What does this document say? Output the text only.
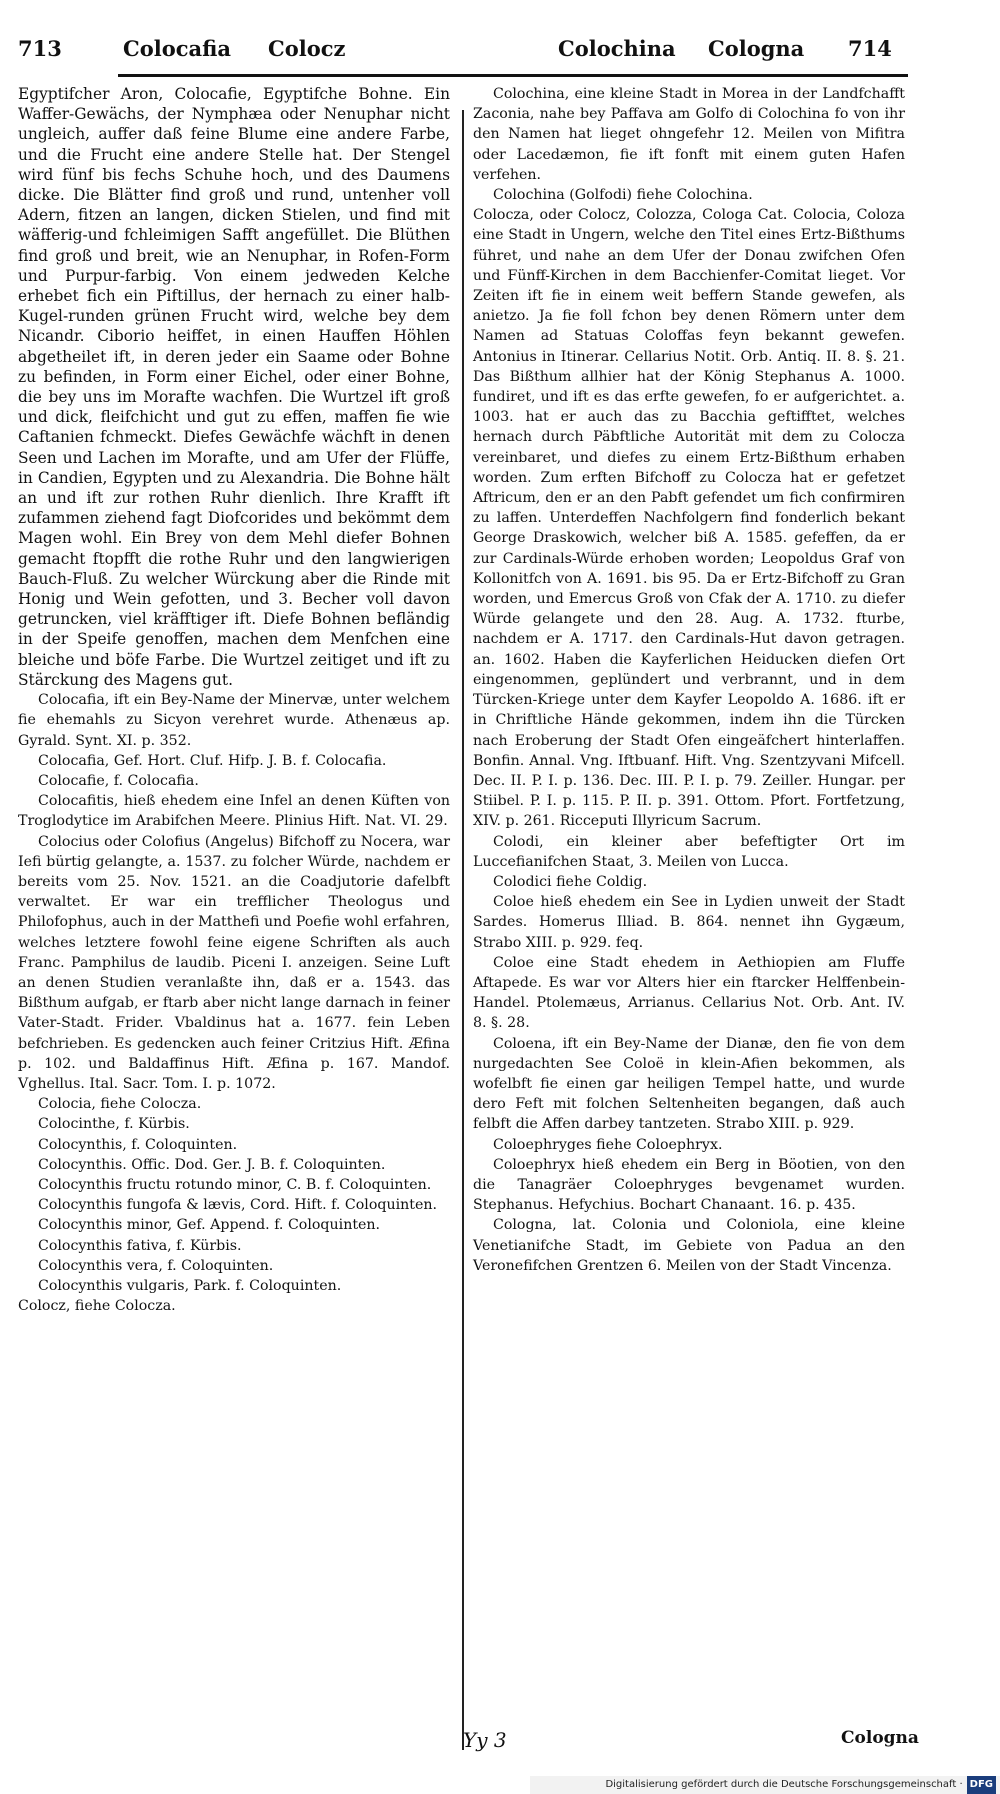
713	Colocafia Colocz	Colochina Cologna 714

Egyptifcher Aron, Colocafie, Egyptifche Bohne. Ein Waffer-Gewächs, der Nymphæa oder Nenuphar nicht ungleich, auffer daß feine Blume eine andere Farbe, und die Frucht eine andere Stelle hat. Der Stengel wird fünf bis fechs Schuhe hoch, und des Daumens dicke. Die Blätter find groß und rund, untenher voll Adern, fitzen an langen, dicken Stielen, und find mit wäfferig-und fchleimigen Safft angefüllet. Die Blüthen find groß und breit, wie an Nenuphar, in Rofen-Form und Purpur-farbig. Von einem jedweden Kelche erhebet fich ein Piftillus, der hernach zu einer halb-Kugel-runden grünen Frucht wird, welche bey dem Nicandr. Ciborio heiffet, in einen Hauffen Höhlen abgetheilet ift, in deren jeder ein Saame oder Bohne zu befinden, in Form einer Eichel, oder einer Bohne, die bey uns im Morafte wachfen. Die Wurtzel ift groß und dick, fleifchicht und gut zu effen, maffen fie wie Caftanien fchmeckt. Diefes Gewächfe wächft in denen Seen und Lachen im Morafte, und am Ufer der Flüffe, in Candien, Egypten und zu Alexandria. Die Bohne hält an und ift zur rothen Ruhr dienlich. Ihre Krafft ift zufammen ziehend fagt Diofcorides und bekömmt dem Magen wohl. Ein Brey von dem Mehl diefer Bohnen gemacht ftopfft die rothe Ruhr und den langwierigen Bauch-Fluß. Zu welcher Würckung aber die Rinde mit Honig und Wein gefotten, und 3. Becher voll davon getruncken, viel kräfftiger ift. Diefe Bohnen befländig in der Speife genoffen, machen dem Menfchen eine bleiche und böfe Farbe. Die Wurtzel zeitiget und ift zu Stärckung des Magens gut.

Colocafia, ift ein Bey-Name der Minervæ, unter welchem fie ehemahls zu Sicyon verehret wurde. Athenæus ap. Gyrald. Synt. XI. p. 352.

Colocafia, Gef. Hort. Cluf. Hifp. J. B. f. Colocafia.

Colocafie, f. Colocafia.

Colocafitis, hieß ehedem eine Infel an denen Küften von Troglodytice im Arabifchen Meere. Plinius Hift. Nat. VI. 29.

Colocius oder Colofius (Angelus) Bifchoff zu Nocera, war Iefi bürtig gelangte, a. 1537. zu folcher Würde, nachdem er bereits vom 25. Nov. 1521. an die Coadjutorie dafelbft verwaltet. Er war ein trefflicher Theologus und Philofophus, auch in der Matthefi und Poefie wohl erfahren, welches letztere fowohl feine eigene Schriften als auch Franc. Pamphilus de laudib. Piceni I. anzeigen. Seine Luft an denen Studien veranlaßte ihn, daß er a. 1543. das Bißthum aufgab, er ftarb aber nicht lange darnach in feiner Vater-Stadt. Frider. Vbaldinus hat a. 1677. fein Leben befchrieben. Es gedencken auch feiner Critzius Hift. Æfina p. 102. und Baldaffinus Hift. Æfina p. 167. Mandof. Vghellus. Ital. Sacr. Tom. I. p. 1072.

Colocia, fiehe Colocza.

Colocinthe, f. Kürbis.

Colocynthis, f. Coloquinten.

Colocynthis. Offic. Dod. Ger. J. B. f. Coloquinten.

Colocynthis fructu rotundo minor, C. B. f. Coloquinten.

Colocynthis fungofa & lævis, Cord. Hift. f. Coloquinten.

Colocynthis minor, Gef. Append. f. Coloquinten.

Colocynthis fativa, f. Kürbis.

Colocynthis vera, f. Coloquinten.

Colocynthis vulgaris, Park. f. Coloquinten.

Colocz, fiehe Colocza.

Colochina, eine kleine Stadt in Morea in der Landfchafft Zaconia, nahe bey Paffava am Golfo di Colochina fo von ihr den Namen hat lieget ohngefehr 12. Meilen von Mifitra oder Lacedæmon, fie ift fonft mit einem guten Hafen verfehen.

Colochina (Golfodi) fiehe Colochina.

Colocza, oder Colocz, Colozza, Cologa Cat. Colocia, Coloza eine Stadt in Ungern, welche den Titel eines Ertz-Bißthums führet, und nahe an dem Ufer der Donau zwifchen Ofen und Fünff-Kirchen in dem Bacchienfer-Comitat lieget. Vor Zeiten ift fie in einem weit beffern Stande gewefen, als anietzo. Ja fie foll fchon bey denen Römern unter dem Namen ad Statuas Coloffas feyn bekannt gewefen. Antonius in Itinerar. Cellarius Notit. Orb. Antiq. II. 8. §. 21. Das Bißthum allhier hat der König Stephanus A. 1000. fundiret, und ift es das erfte gewefen, fo er aufgerichtet. a. 1003. hat er auch das zu Bacchia geftifftet, welches hernach durch Päbftliche Autorität mit dem zu Colocza vereinbaret, und diefes zu einem Ertz-Bißthum erhaben worden. Zum erften Bifchoff zu Colocza hat er gefetzet Aftricum, den er an den Pabft gefendet um fich confirmiren zu laffen. Unterdeffen Nachfolgern find fonderlich bekant George Draskowich, welcher biß A. 1585. gefeffen, da er zur Cardinals-Würde erhoben worden; Leopoldus Graf von Kollonitfch von A. 1691. bis 95. Da er Ertz-Bifchoff zu Gran worden, und Emercus Groß von Cfak der A. 1710. zu diefer Würde gelangete und den 28. Aug. A. 1732. fturbe, nachdem er A. 1717. den Cardinals-Hut davon getragen. an. 1602. Haben die Kayferlichen Heiducken diefen Ort eingenommen, geplündert und verbrannt, und in dem Türcken-Kriege unter dem Kayfer Leopoldo A. 1686. ift er in Chriftliche Hände gekommen, indem ihn die Türcken nach Eroberung der Stadt Ofen eingeäfchert hinterlaffen. Bonfin. Annal. Vng. Iftbuanf. Hift. Vng. Szentzyvani Mifcell. Dec. II. P. I. p. 136. Dec. III. P. I. p. 79. Zeiller. Hungar. per Stiibel. P. I. p. 115. P. II. p. 391. Ottom. Pfort. Fortfetzung, XIV. p. 261. Ricceputi Illyricum Sacrum.

Colodi, ein kleiner aber befeftigter Ort im Luccefianifchen Staat, 3. Meilen von Lucca.

Colodici fiehe Coldig.

Coloe hieß ehedem ein See in Lydien unweit der Stadt Sardes. Homerus Illiad. B. 864. nennet ihn Gygæum, Strabo XIII. p. 929. feq.

Coloe eine Stadt ehedem in Aethiopien am Fluffe Aftapede. Es war vor Alters hier ein ftarcker Helffenbein-Handel. Ptolemæus, Arrianus. Cellarius Not. Orb. Ant. IV. 8. §. 28.

Coloena, ift ein Bey-Name der Dianæ, den fie von dem nurgedachten See Coloë in klein-Afien bekommen, als wofelbft fie einen gar heiligen Tempel hatte, und wurde dero Feft mit folchen Seltenheiten begangen, daß auch felbft die Affen darbey tantzeten. Strabo XIII. p. 929.

Coloephryges fiehe Coloephryx.

Coloephryx hieß ehedem ein Berg in Böotien, von den die Tanagräer Coloephryges bevgenamet wurden. Stephanus. Hefychius. Bochart Chanaant. 16. p. 435.

Cologna, lat. Colonia und Coloniola, eine kleine Venetianifche Stadt, im Gebiete von Padua an den Veronefifchen Grentzen 6. Meilen von der Stadt Vincenza.

Yy 3	Cologna
Digitalisierung gefördert durch die Deutsche Forschungsgemeinschaft · DFG
